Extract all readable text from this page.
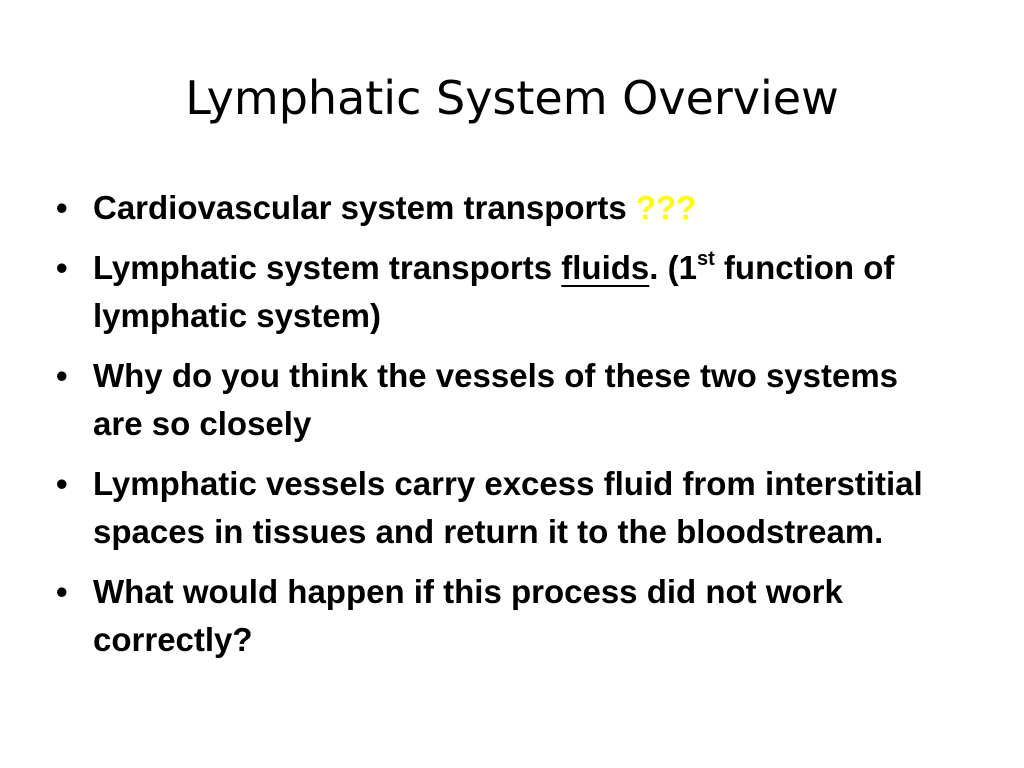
Lymphatic System Overview
• Cardiovascular system transports ???
• Lymphatic system transports fluids. (1st function of lymphatic system)
• Why do you think the vessels of these two systems are so closely
• Lymphatic vessels carry excess fluid from interstitial spaces in tissues and return it to the bloodstream.
• What would happen if this process did not work correctly?
